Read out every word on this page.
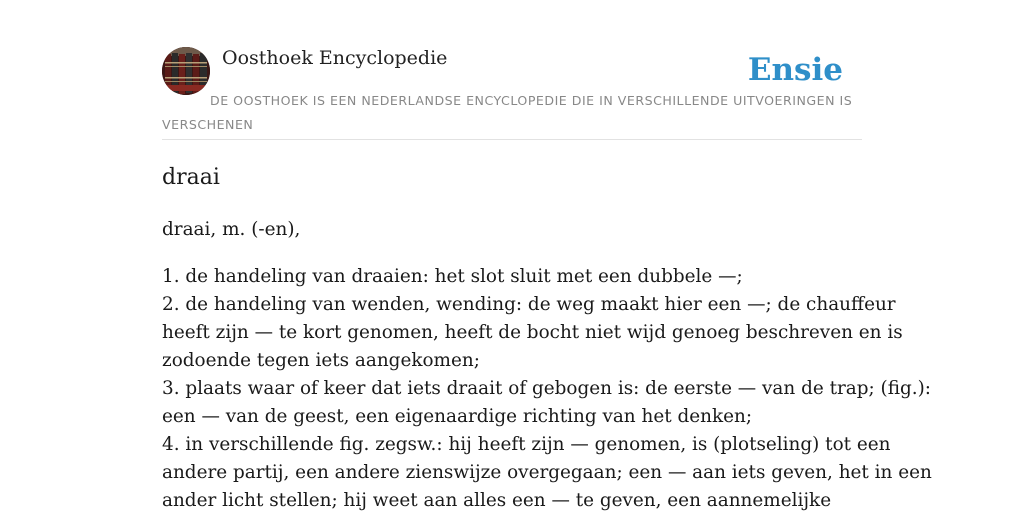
Oosthoek Encyclopedie	Ensie

DE OOSTHOEK IS EEN NEDERLANDSE ENCYCLOPEDIE DIE IN VERSCHILLENDE UITVOERINGEN IS VERSCHENEN

draai

draai, m. (-en),

1. de handeling van draaien: het slot sluit met een dubbele —;
2. de handeling van wenden, wending: de weg maakt hier een —; de chauffeur
heeft zijn — te kort genomen, heeft de bocht niet wijd genoeg beschreven en is
zodoende tegen iets aangekomen;
3. plaats waar of keer dat iets draait of gebogen is: de eerste — van de trap; (fig.):
een — van de geest, een eigenaardige richting van het denken;
4. in verschillende fig. zegsw.: hij heeft zijn — genomen, is (plotseling) tot een
andere partij, een andere zienswijze overgegaan; een — aan iets geven, het in een
ander licht stellen; hij weet aan alles een — te geven, een aannemelijke
